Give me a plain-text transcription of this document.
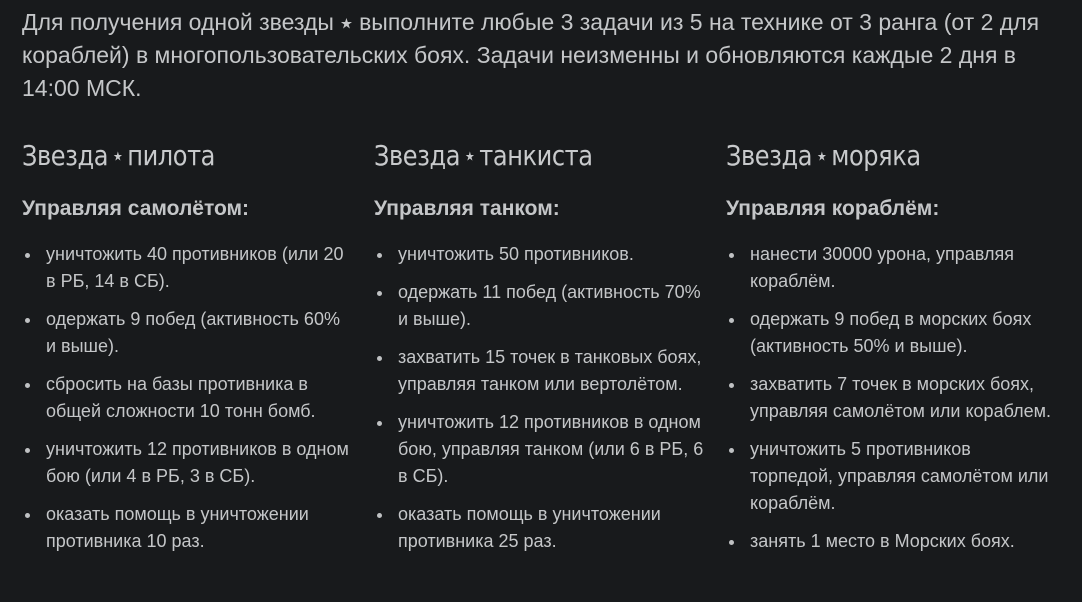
Для получения одной звезды ⭑ выполните любые 3 задачи из 5 на технике от 3 ранга (от 2 для кораблей) в многопользовательских боях. Задачи неизменны и обновляются каждые 2 дня в 14:00 МСК.

Звезда ⭑ пилота
Управляя самолётом:
уничтожить 40 противников (или 20 в РБ, 14 в СБ).
одержать 9 побед (активность 60% и выше).
сбросить на базы противника в общей сложности 10 тонн бомб.
уничтожить 12 противников в одном бою (или 4 в РБ, 3 в СБ).
оказать помощь в уничтожении противника 10 раз.
Звезда ⭑ танкиста
Управляя танком:
уничтожить 50 противников.
одержать 11 побед (активность 70% и выше).
захватить 15 точек в танковых боях, управляя танком или вертолётом.
уничтожить 12 противников в одном бою, управляя танком (или 6 в РБ, 6 в СБ).
оказать помощь в уничтожении противника 25 раз.
Звезда ⭑ моряка
Управляя кораблём:
нанести 30000 урона, управляя кораблём.
одержать 9 побед в морских боях (активность 50% и выше).
захватить 7 точек в морских боях, управляя самолётом или кораблем.
уничтожить 5 противников торпедой, управляя самолётом или кораблём.
занять 1 место в Морских боях.
